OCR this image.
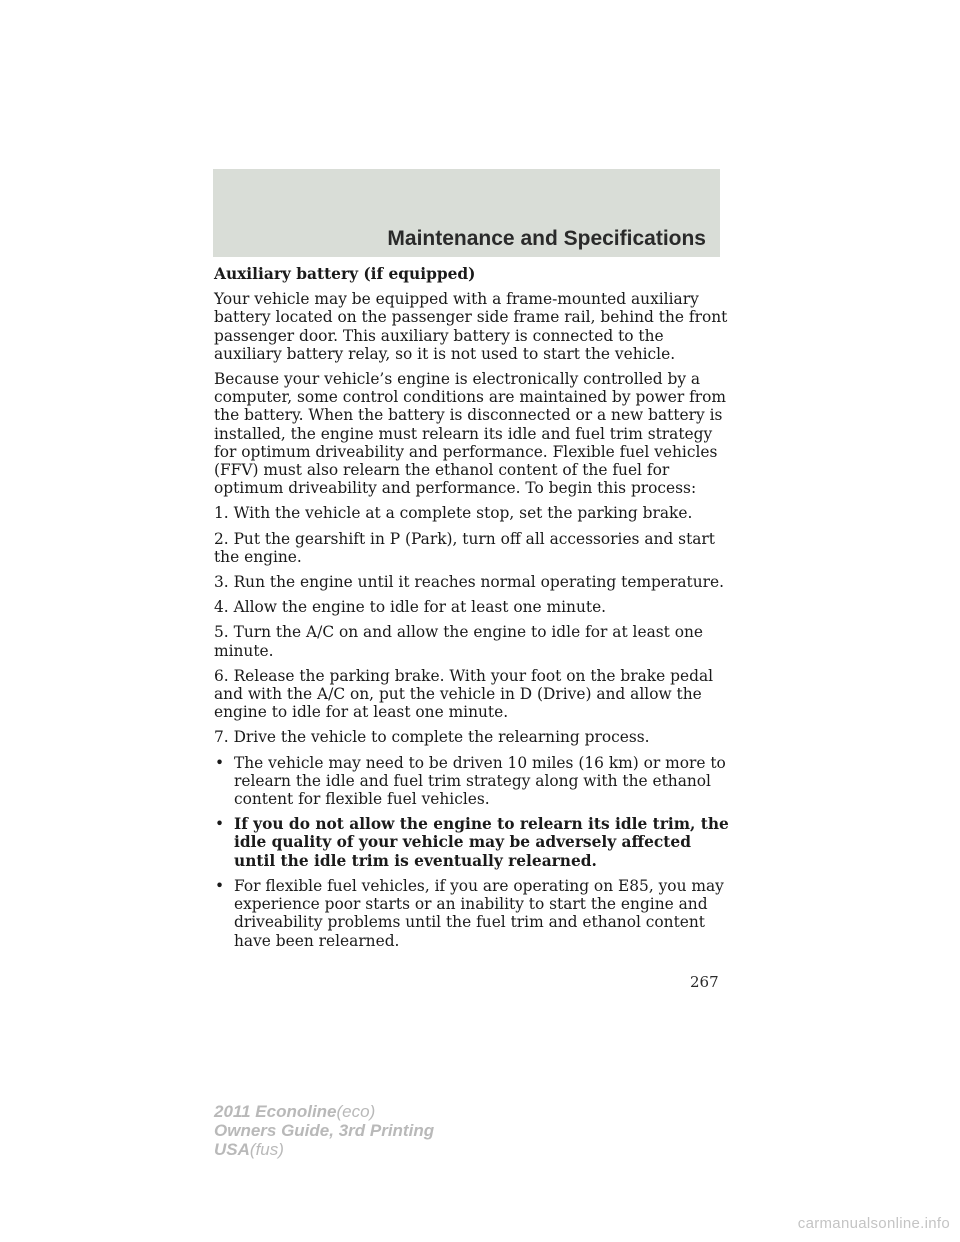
Maintenance and Specifications

Auxiliary battery (if equipped)

Your vehicle may be equipped with a frame-mounted auxiliary battery located on the passenger side frame rail, behind the front passenger door. This auxiliary battery is connected to the auxiliary battery relay, so it is not used to start the vehicle.

Because your vehicle’s engine is electronically controlled by a computer, some control conditions are maintained by power from the battery. When the battery is disconnected or a new battery is installed, the engine must relearn its idle and fuel trim strategy for optimum driveability and performance. Flexible fuel vehicles (FFV) must also relearn the ethanol content of the fuel for optimum driveability and performance. To begin this process:

1. With the vehicle at a complete stop, set the parking brake.

2. Put the gearshift in P (Park), turn off all accessories and start the engine.

3. Run the engine until it reaches normal operating temperature.

4. Allow the engine to idle for at least one minute.

5. Turn the A/C on and allow the engine to idle for at least one minute.

6. Release the parking brake. With your foot on the brake pedal and with the A/C on, put the vehicle in D (Drive) and allow the engine to idle for at least one minute.

7. Drive the vehicle to complete the relearning process.

• The vehicle may need to be driven 10 miles (16 km) or more to relearn the idle and fuel trim strategy along with the ethanol content for flexible fuel vehicles.
• If you do not allow the engine to relearn its idle trim, the idle quality of your vehicle may be adversely affected until the idle trim is eventually relearned.
• For flexible fuel vehicles, if you are operating on E85, you may experience poor starts or an inability to start the engine and driveability problems until the fuel trim and ethanol content have been relearned.
267
2011 Econoline(eco)
Owners Guide, 3rd Printing
USA(fus)
carmanualsonline.info
